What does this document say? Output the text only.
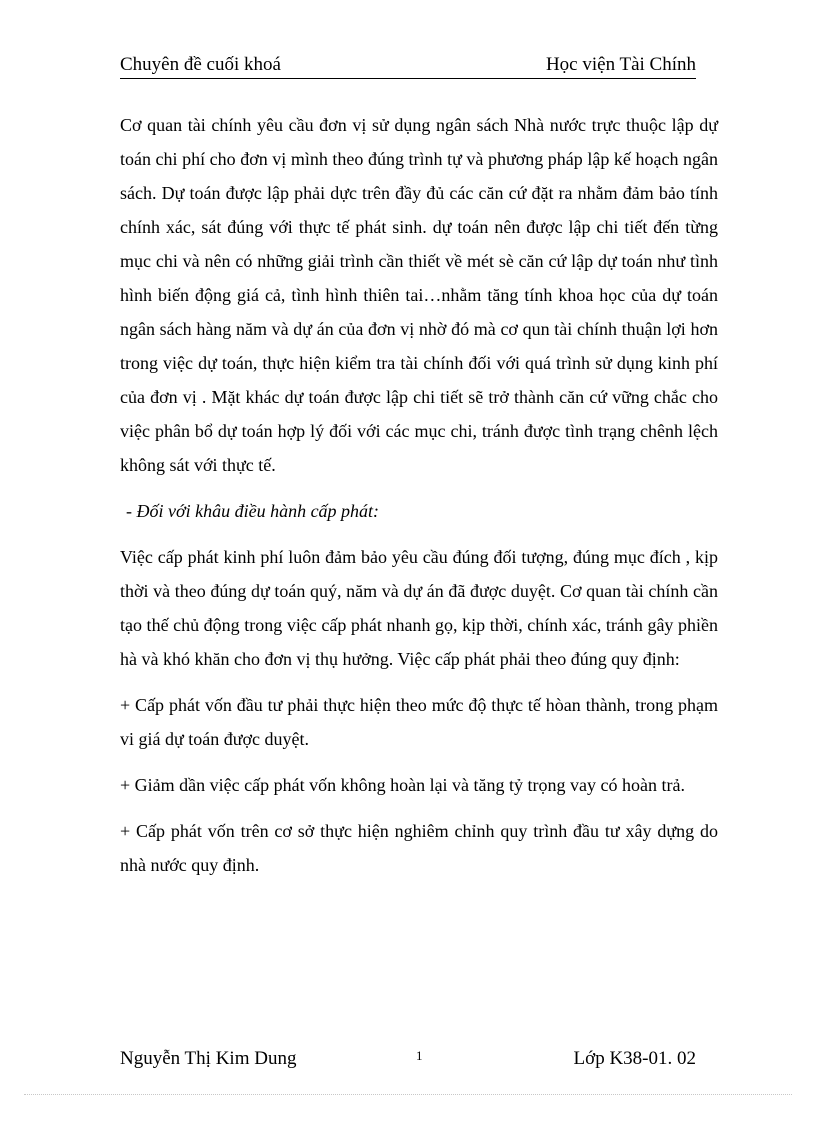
Chuyên đề cuối khoá	Học viện Tài Chính

Cơ quan tài chính yêu cầu đơn vị sử dụng ngân sách Nhà nước trực thuộc lập dự toán chi phí cho đơn vị mình theo đúng trình tự và phương pháp lập kế hoạch ngân sách. Dự toán được lập phải dực trên đầy đủ các căn cứ đặt ra nhằm đảm bảo tính chính xác, sát đúng với thực tế phát sinh. dự toán nên được lập chi tiết đến từng mục chi và nên có những giải trình cần thiết về mét sè căn cứ lập dự toán như tình hình biến động giá cả, tình hình thiên tai…nhằm tăng tính khoa học của dự toán ngân sách hàng năm và dự án của đơn vị nhờ đó mà cơ qun tài chính thuận lợi hơn trong việc dự toán, thực hiện kiểm tra tài chính đối với quá trình sử dụng kinh phí của đơn vị . Mặt khác dự toán được lập chi tiết sẽ trở thành căn cứ vững chắc cho việc phân bổ dự toán hợp lý đối với các mục chi, tránh được tình trạng chênh lệch không sát với thực tế.

- Đối với khâu điều hành cấp phát:

Việc cấp phát kinh phí luôn đảm bảo yêu cầu đúng đối tượng, đúng mục đích , kịp thời và theo đúng dự toán quý, năm và dự án đã được duyệt. Cơ quan tài chính cần tạo thế chủ động trong việc cấp phát nhanh gọ, kịp thời, chính xác, tránh gây phiền hà và khó khăn cho đơn vị thụ hưởng. Việc cấp phát phải theo đúng quy định:

+ Cấp phát vốn đầu tư phải thực hiện theo mức độ thực tế hòan thành, trong phạm vi giá dự toán được duyệt.

+ Giảm dần việc cấp phát vốn không hoàn lại và tăng tỷ trọng vay có hoàn trả.

+ Cấp phát vốn trên cơ sở thực hiện nghiêm chỉnh quy trình đầu tư xây dựng do nhà nước quy định.

Nguyễn Thị Kim Dung	1	Lớp K38-01. 02
